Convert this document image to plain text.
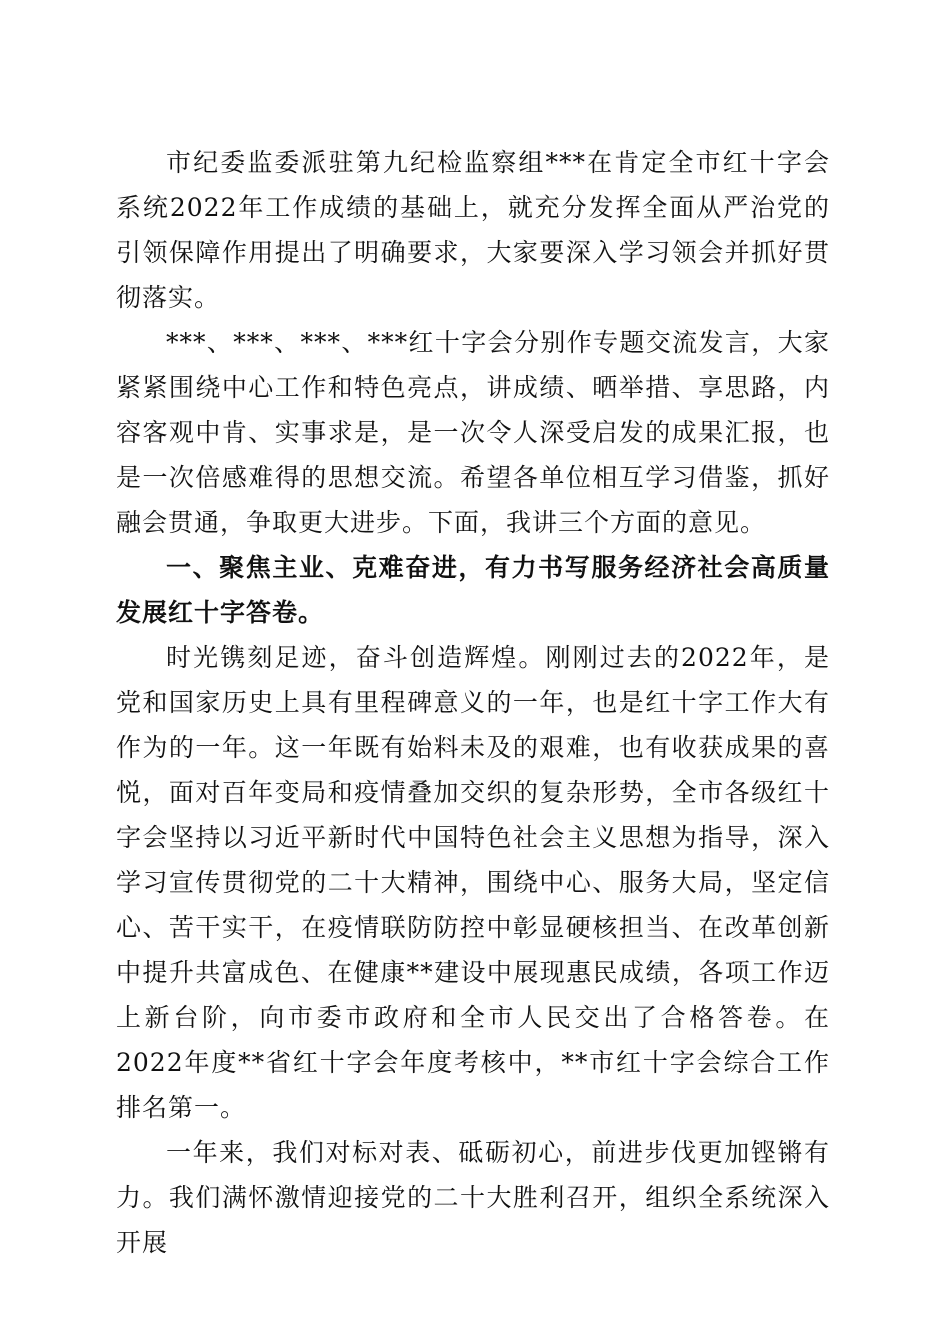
市纪委监委派驻第九纪检监察组***在肯定全市红十字会系统2022年工作成绩的基础上，就充分发挥全面从严治党的引领保障作用提出了明确要求，大家要深入学习领会并抓好贯彻落实。

***、***、***、***红十字会分别作专题交流发言，大家紧紧围绕中心工作和特色亮点，讲成绩、晒举措、享思路，内容客观中肯、实事求是，是一次令人深受启发的成果汇报，也是一次倍感难得的思想交流。希望各单位相互学习借鉴，抓好融会贯通，争取更大进步。下面，我讲三个方面的意见。

一、聚焦主业、克难奋进，有力书写服务经济社会高质量发展红十字答卷。

时光镌刻足迹，奋斗创造辉煌。刚刚过去的2022年，是党和国家历史上具有里程碑意义的一年，也是红十字工作大有作为的一年。这一年既有始料未及的艰难，也有收获成果的喜悦，面对百年变局和疫情叠加交织的复杂形势，全市各级红十字会坚持以习近平新时代中国特色社会主义思想为指导，深入学习宣传贯彻党的二十大精神，围绕中心、服务大局，坚定信心、苦干实干，在疫情联防防控中彰显硬核担当、在改革创新中提升共富成色、在健康**建设中展现惠民成绩，各项工作迈上新台阶，向市委市政府和全市人民交出了合格答卷。在2022年度**省红十字会年度考核中，**市红十字会综合工作排名第一。

一年来，我们对标对表、砥砺初心，前进步伐更加铿锵有力。我们满怀激情迎接党的二十大胜利召开，组织全系统深入开展
